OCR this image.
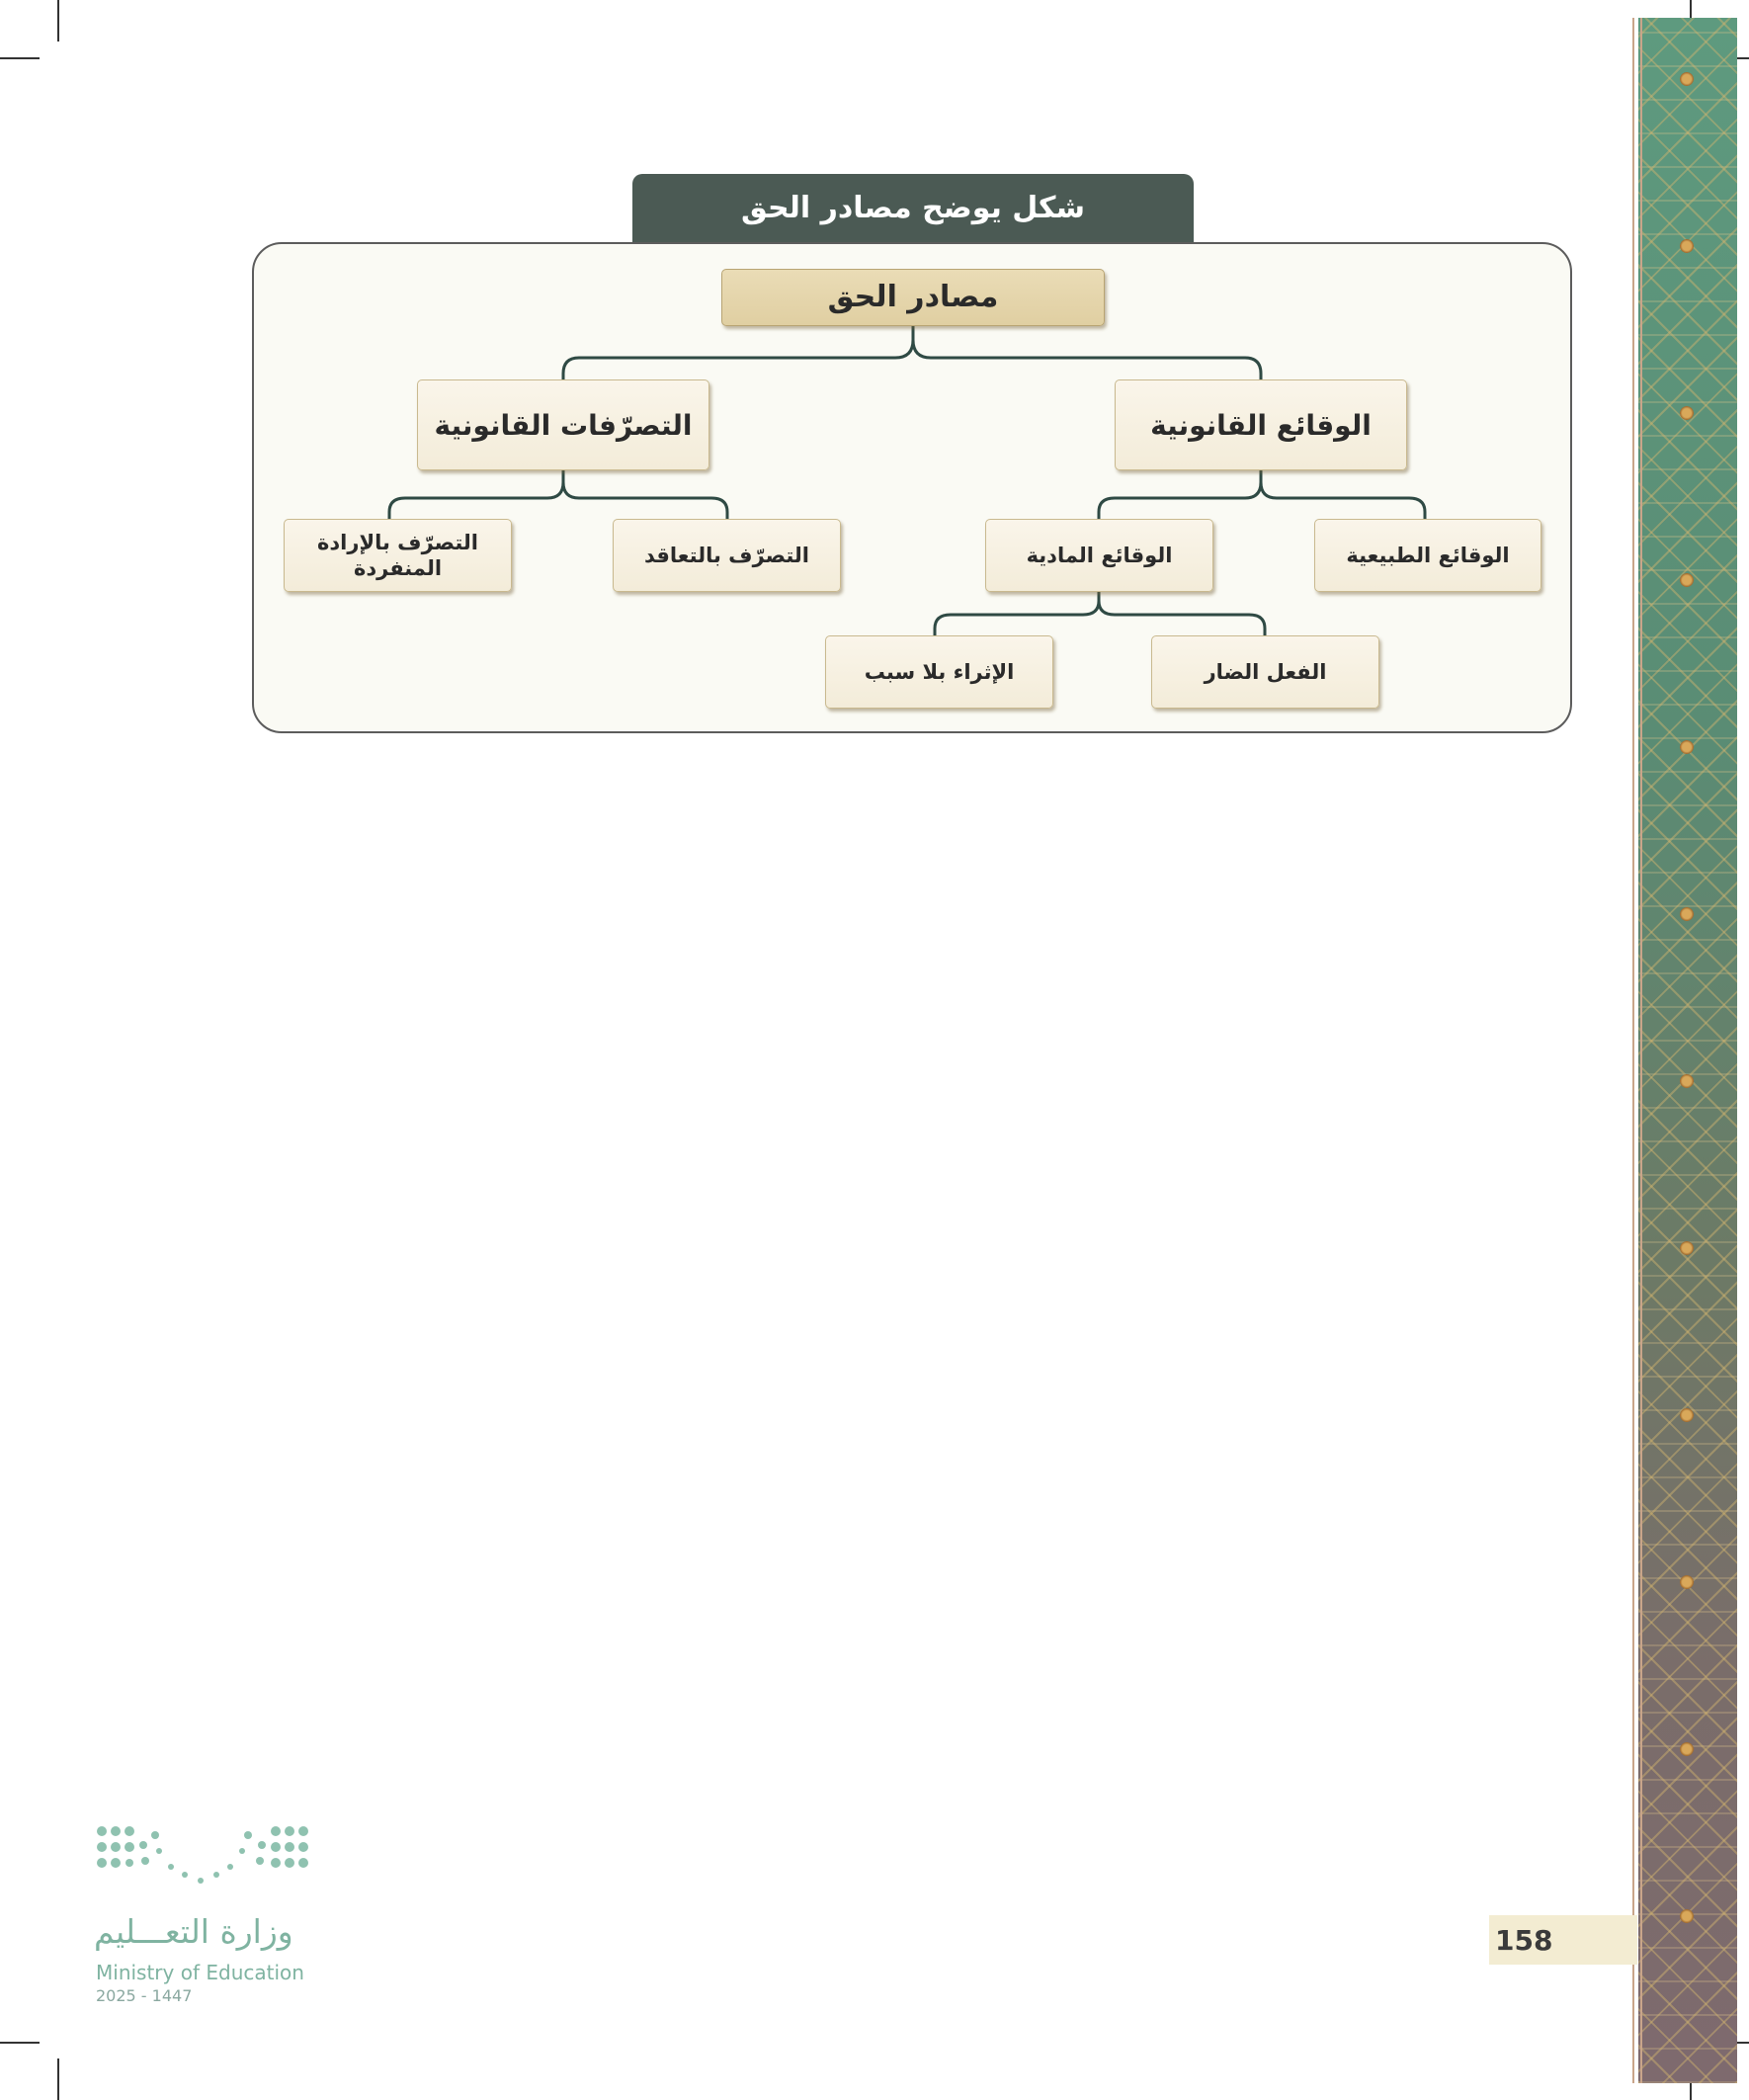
شكل يوضح مصادر الحق
مصادر الحق
الوقائع القانونية
التصرّفات القانونية
الوقائع الطبيعية
الوقائع المادية
التصرّف بالتعاقد
التصرّف بالإرادة
المنفردة
الفعل الضار
الإثراء بلا سبب
158
وزارة التعـــليم
Ministry of Education
2025 - 1447
